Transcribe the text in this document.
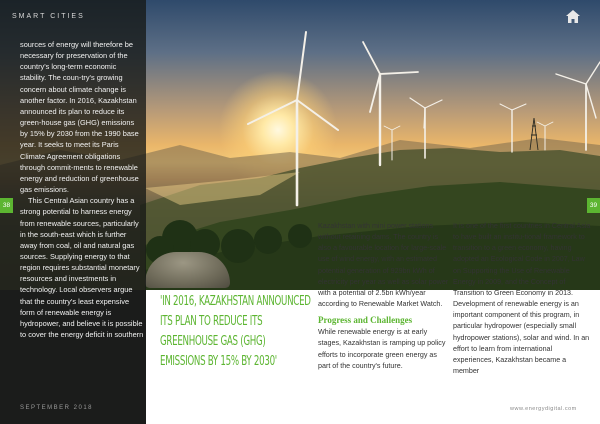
SMART CITIES
38	39

sources of energy will therefore be necessary for preservation of the country's long-term economic stability. The coun-try's growing concern about climate change is another factor. In 2016, Kazakhstan announced its plan to reduce its green-house gas (GHG) emissions by 15% by 2030 from the 1990 base year. It seeks to meet its Paris Climate Agreement obligations through commit-ments to renewable energy and reduction of greenhouse gas emissions.

This Central Asian country has a strong potential to harness energy from renewable sources, particularly in the south-east which is further away from coal, oil and natural gas sources. Supplying energy to that region requires substantial monetary resources and investments in technology. Local observers argue that the country's least expensive form of renewable energy is hydropower, and believe it is possible to cover the energy deficit in southern

'IN 2016, KAZAKHSTAN ANNOUNCED ITS PLAN TO REDUCE ITS GREENHOUSE GAS (GHG) EMISSIONS BY 15% BY 2030'

Kazakhstan with mini power stations without retaining dams. The country is also a favourable location for large-scale use of wind energy, with an estimated potential generation of 929bn kWh of electricity per year as well as solar power with a potential of 2.5bn kWh/year according to Renewable Market Watch.

Progress and Challenges

While renewable energy is at early stages, Kazakhstan is ramping up policy efforts to incorporate green energy as part of the country's future.

It is one of the first countries in Central Asia to have built an institu-tional framework to transition to a green economy, having adopted an Ecological Code in 2007, Law on Supporting the Use of Renewable Energy in 2009, and the Concept of Transition to Green Economy in 2013. Development of renewable energy is an important component of this program, in particular hydropower (especially small hydropower stations), solar and wind. In an effort to learn from international experiences, Kazakhstan became a member

SEPTEMBER 2018	www.energydigital.com
